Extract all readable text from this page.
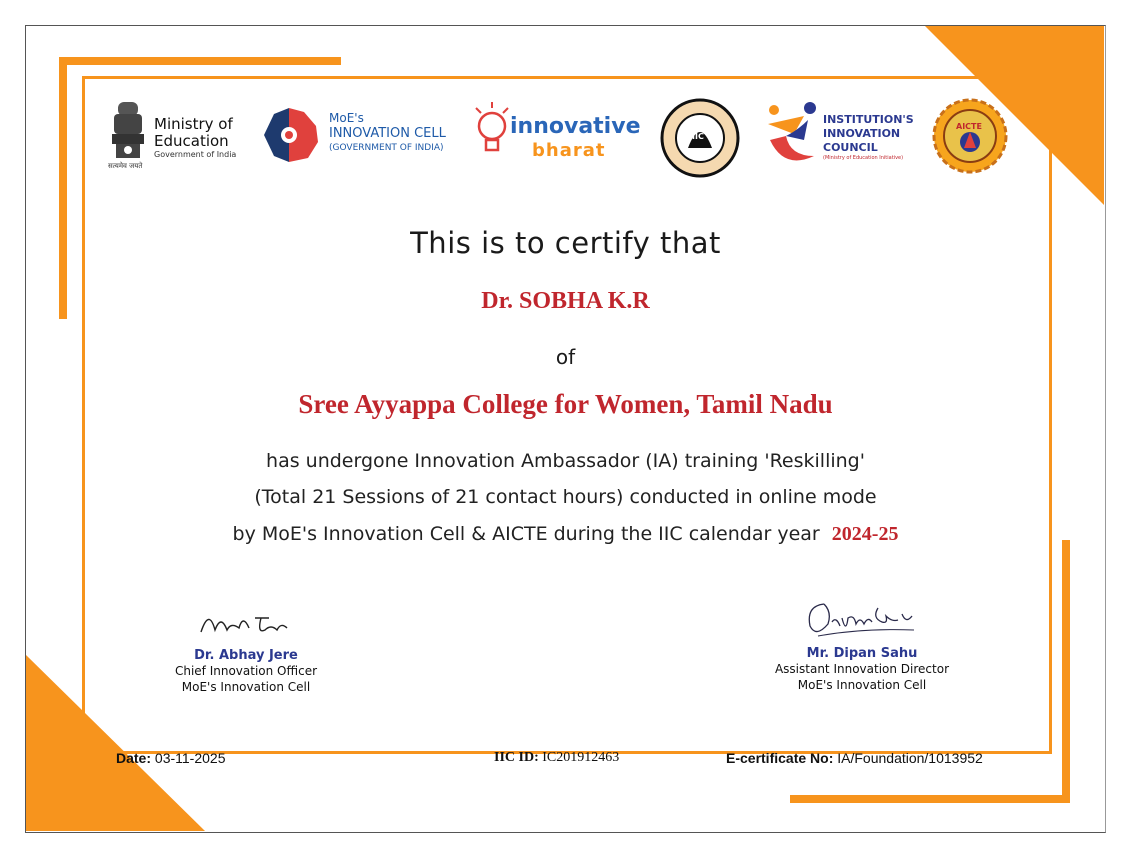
सत्यमेव जयते
Ministry of
Education
Government of India
MoE's
INNOVATION CELL
(GOVERNMENT OF INDIA)
innovative
bharat
IIC
INSTITUTION'S
INNOVATION
COUNCIL
(Ministry of Education Initiative)
AICTE
This is to certify that
Dr. SOBHA K.R
of
Sree Ayyappa College for Women, Tamil Nadu
has undergone Innovation Ambassador (IA) training 'Reskilling'
(Total 21 Sessions of 21 contact hours) conducted in online mode
by MoE's Innovation Cell & AICTE during the IIC calendar year 2024-25
Dr. Abhay Jere
Chief Innovation Officer
MoE's Innovation Cell
Mr. Dipan Sahu
Assistant Innovation Director
MoE's Innovation Cell
Date: 03-11-2025	IIC ID: IC201912463	E-certificate No: IA/Foundation/1013952
